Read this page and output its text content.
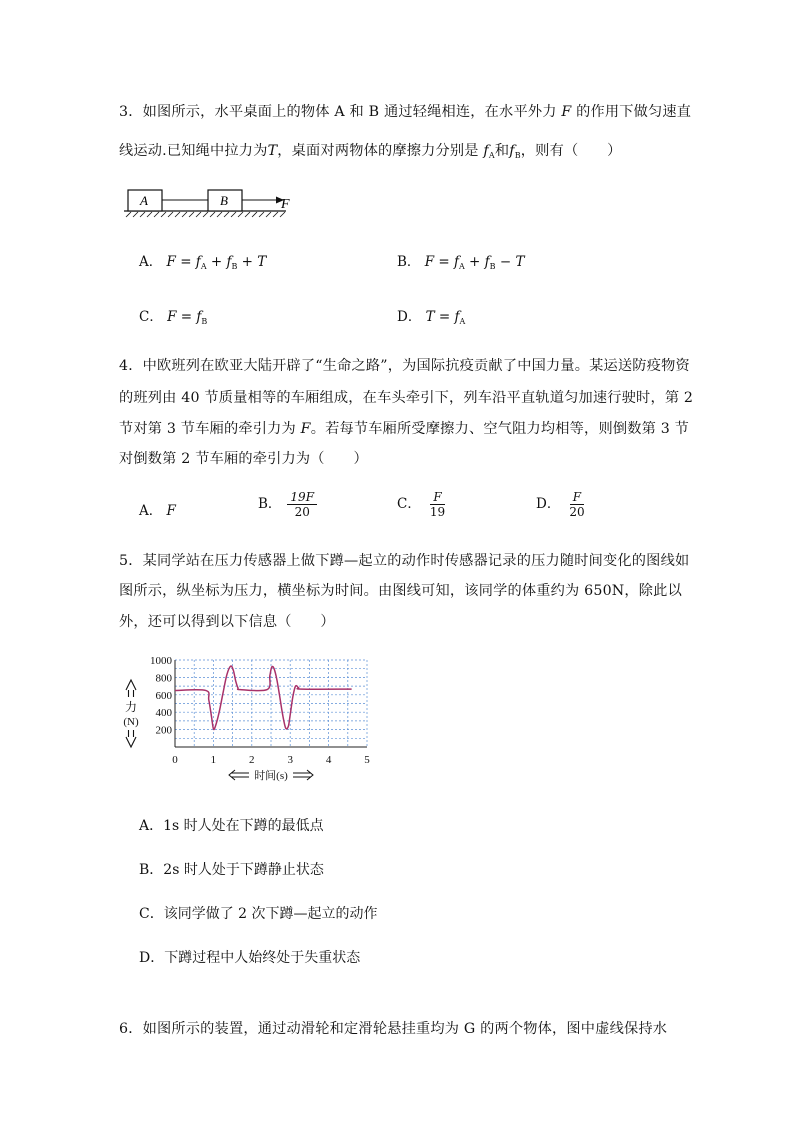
3．如图所示，水平桌面上的物体 A 和 B 通过轻绳相连，在水平外力 F 的作用下做匀速直
线运动.已知绳中拉力为T，桌面对两物体的摩擦力分别是 $f_A$和$f_B$，则有（　　）
A	B	F
A． $F = f_A + f_B + T$	B． $F = f_A + f_B - T$
C． $F = f_B$	D． $T = f_A$
4．中欧班列在欧亚大陆开辟了“生命之路”，为国际抗疫贡献了中国力量。某运送防疫物资
的班列由 40 节质量相等的车厢组成，在车头牵引下，列车沿平直轨道匀加速行驶时，第 2
节对第 3 节车厢的牵引力为 F。若每节车厢所受摩擦力、空气阻力均相等，则倒数第 3 节
对倒数第 2 节车厢的牵引力为（　　）
A． F	B． $\frac{19F}{20}$	C． $\frac{F}{19}$	D． $\frac{F}{20}$
5．某同学站在压力传感器上做下蹲—起立的动作时传感器记录的压力随时间变化的图线如
图所示，纵坐标为压力，横坐标为时间。由图线可知，该同学的体重约为 650N，除此以
外，还可以得到以下信息（　　）
200
400
600
800
1000
0	1	2	3	4	5
力
(N)
时间(s)
A．1s 时人处在下蹲的最低点
B．2s 时人处于下蹲静止状态
C．该同学做了 2 次下蹲—起立的动作
D．下蹲过程中人始终处于失重状态
6．如图所示的装置，通过动滑轮和定滑轮悬挂重均为 G 的两个物体，图中虚线保持水
